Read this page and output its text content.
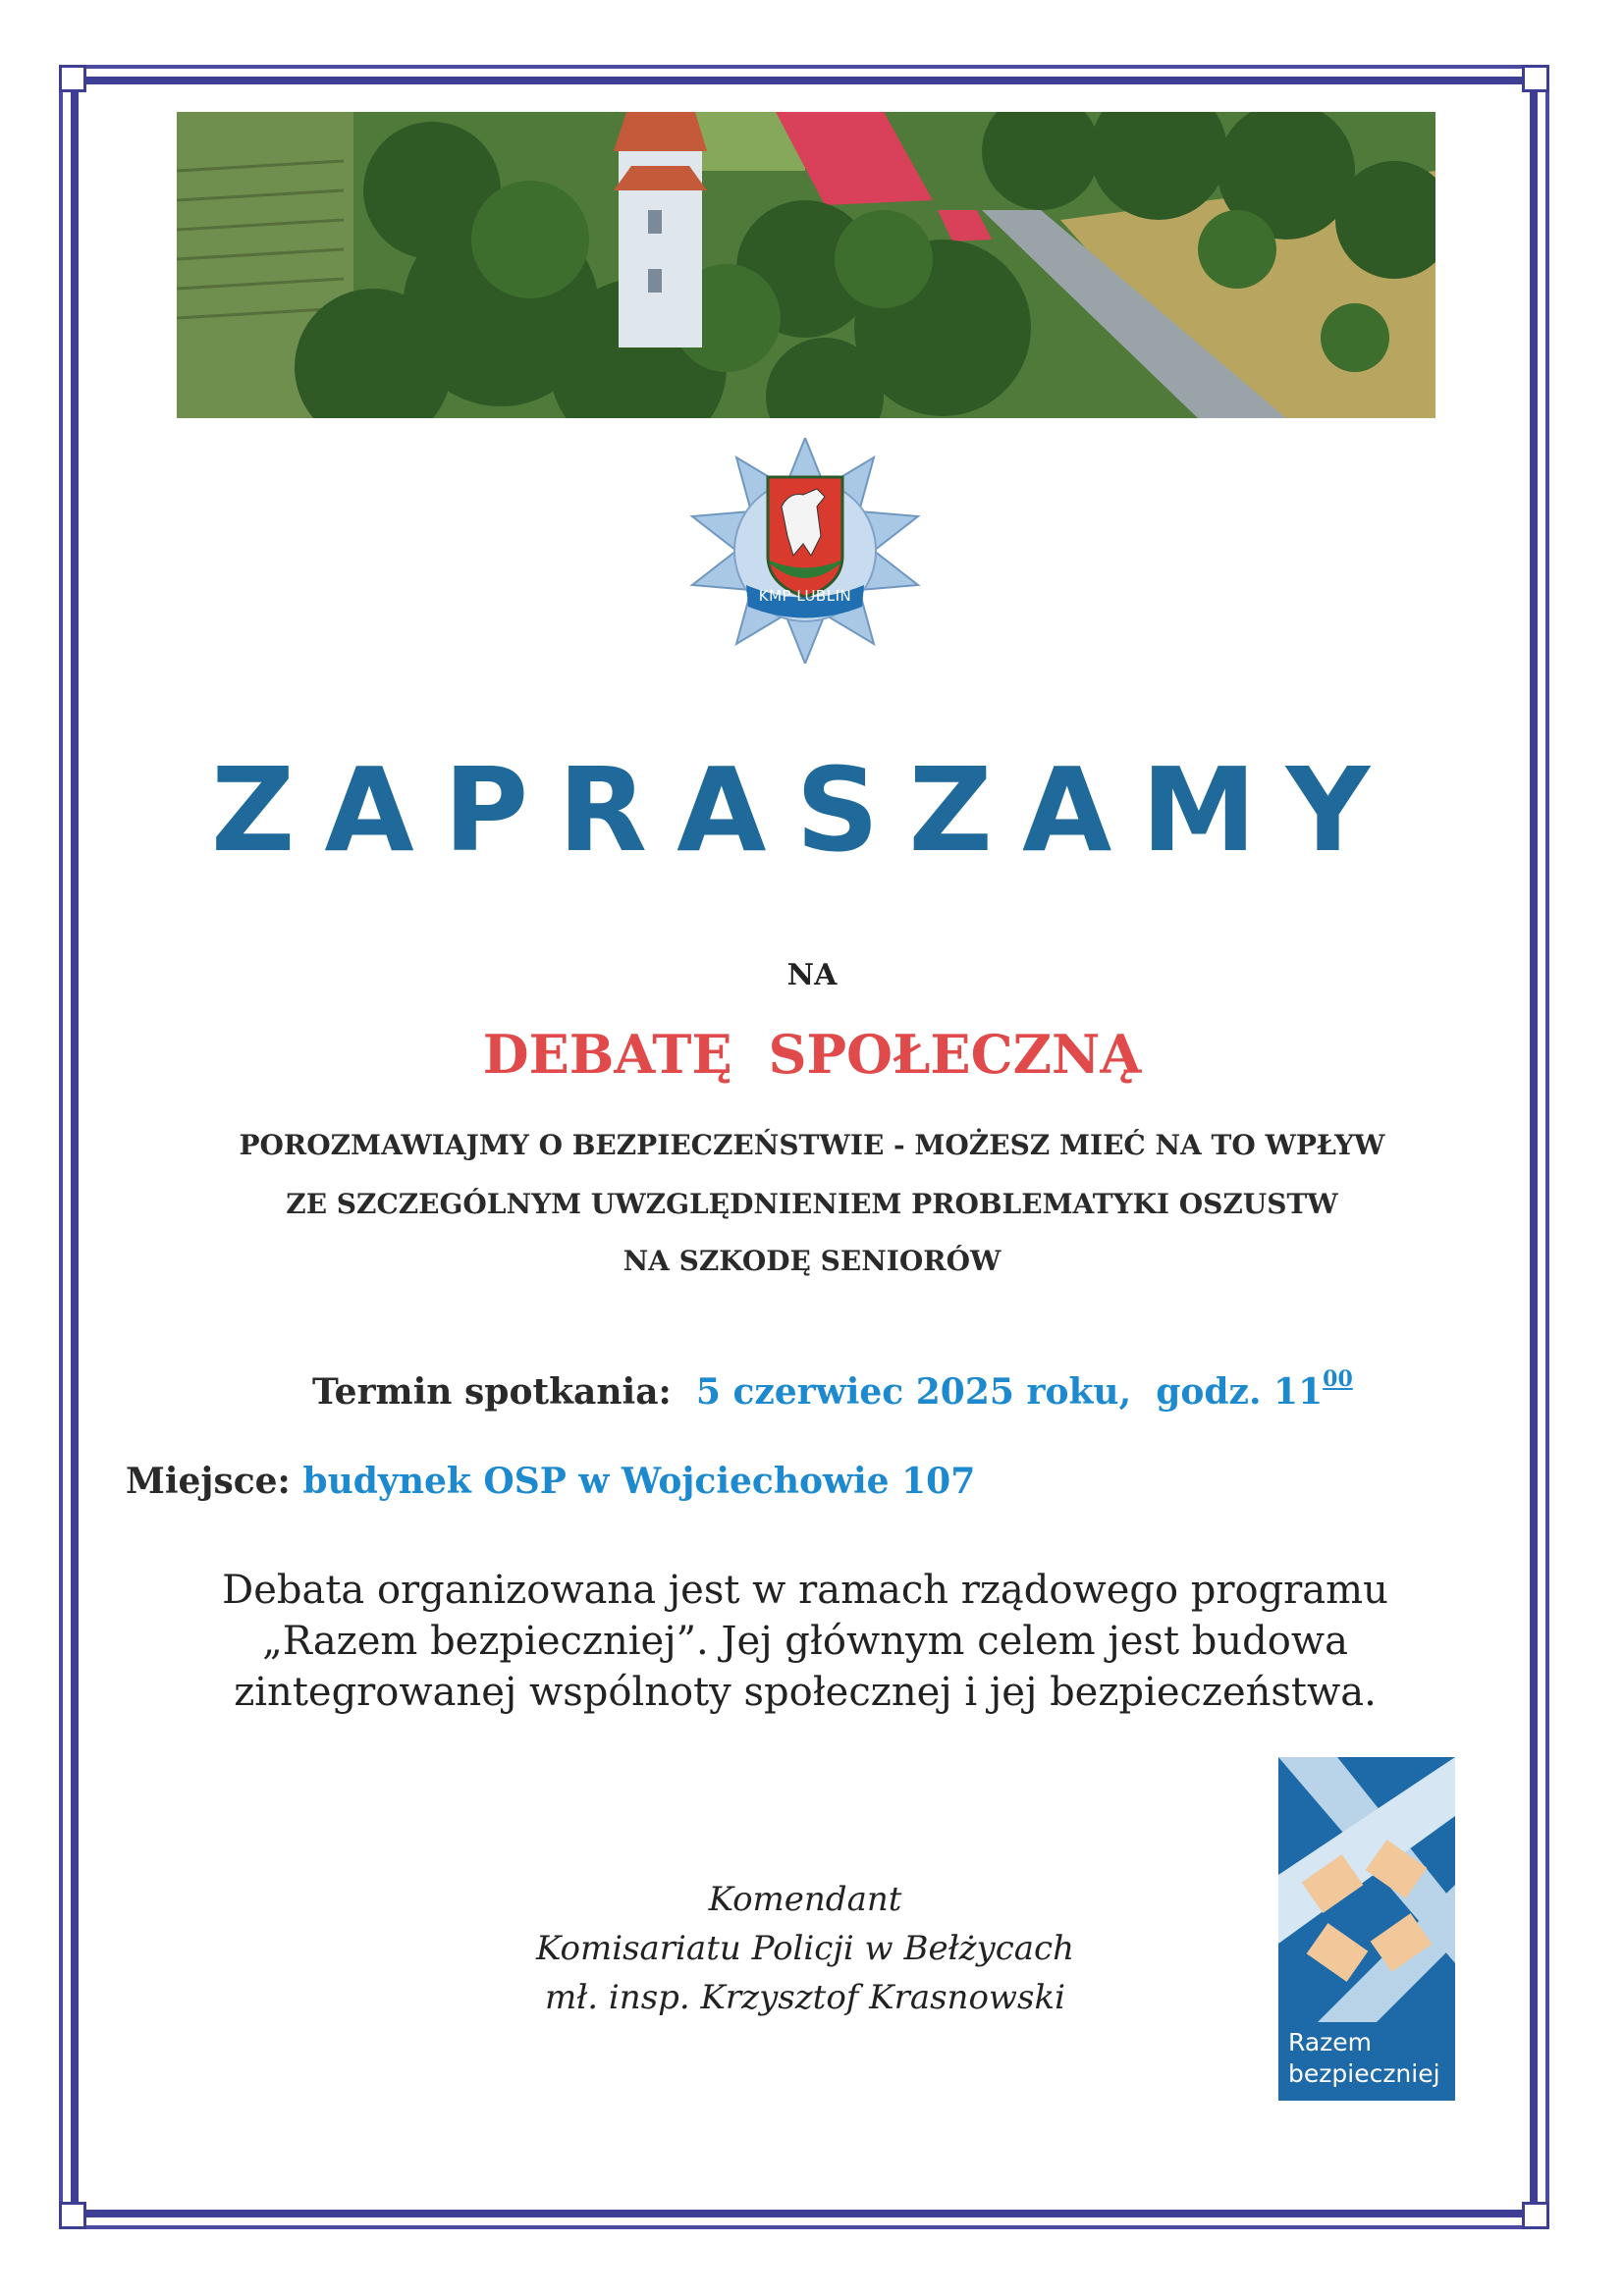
KMP LUBLIN
ZAPRASZAMY
NA
DEBATĘ SPOŁECZNĄ
POROZMAWIAJMY O BEZPIECZEŃSTWIE - MOŻESZ MIEĆ NA TO WPŁYW
ZE SZCZEGÓLNYM UWZGLĘDNIENIEM PROBLEMATYKI OSZUSTW
NA SZKODĘ SENIORÓW
Termin spotkania: 5 czerwiec 2025 roku, godz. $11^{00}$
Miejsce: budynek OSP w Wojciechowie 107
Debata organizowana jest w ramach rządowego programu
„Razem bezpieczniej”. Jej głównym celem jest budowa
zintegrowanej wspólnoty społecznej i jej bezpieczeństwa.
Komendant
Komisariatu Policji w Bełżycach
mł. insp. Krzysztof Krasnowski
Razem
bezpieczniej
